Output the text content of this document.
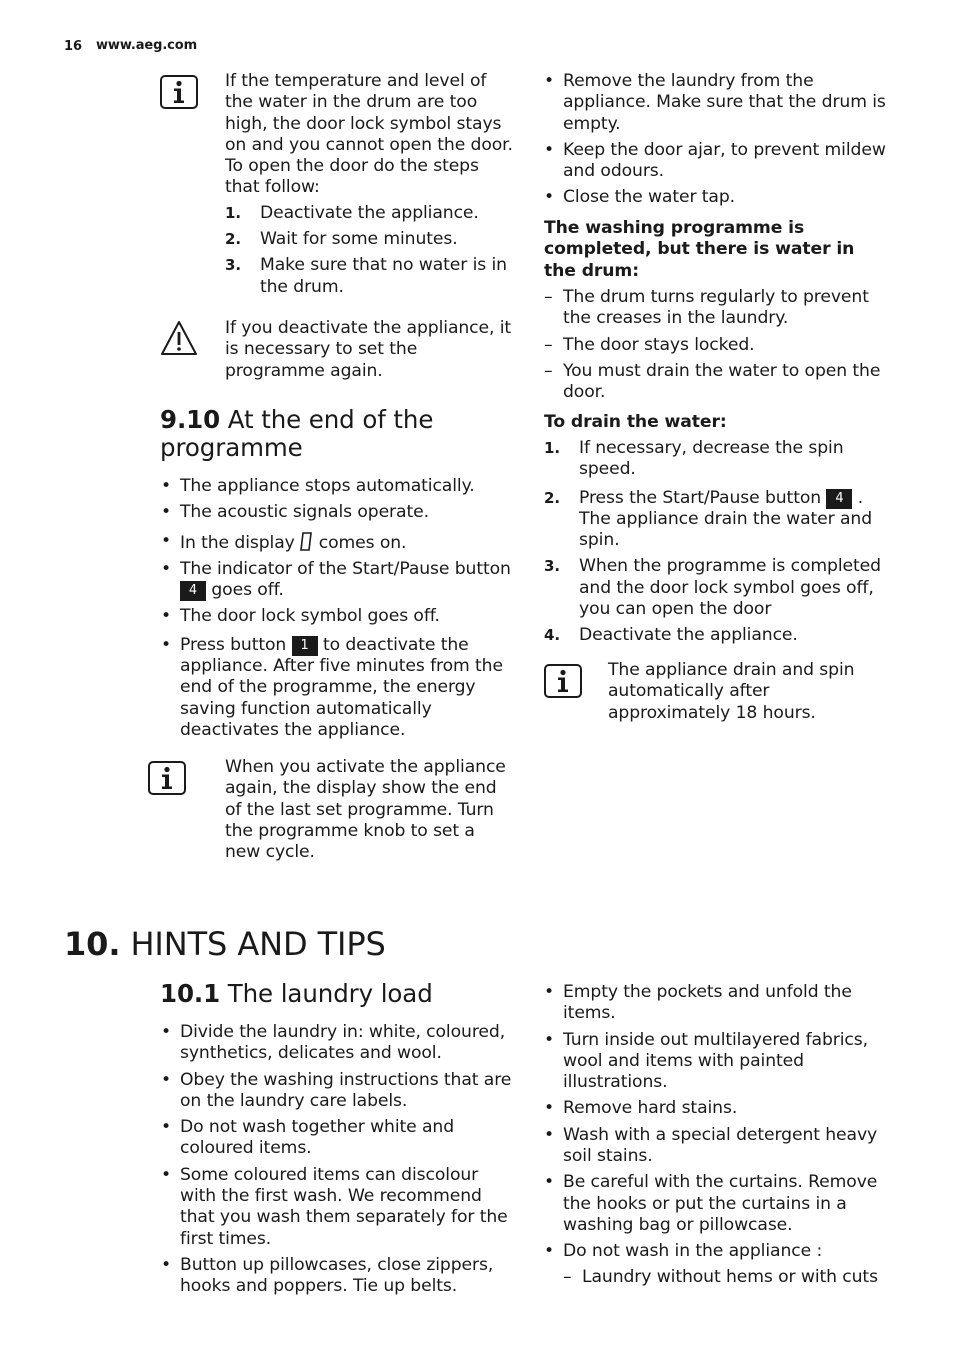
16 www.aeg.com

If the temperature and level of the water in the drum are too high, the door lock symbol stays on and you cannot open the door. To open the door do the steps that follow:

1. Deactivate the appliance.
2. Wait for some minutes.
3. Make sure that no water is in the drum.

If you deactivate the appliance, it is necessary to set the programme again.

9.10 At the end of the programme
• The appliance stops automatically.
• The acoustic signals operate.
• In the display comes on.
• The indicator of the Start/Pause button 4 goes off.
• The door lock symbol goes off.
• Press button 1 to deactivate the appliance. After five minutes from the end of the programme, the energy saving function automatically deactivates the appliance.

When you activate the appliance again, the display show the end of the last set programme. Turn the programme knob to set a new cycle.

• Remove the laundry from the appliance. Make sure that the drum is empty.
• Keep the door ajar, to prevent mildew and odours.
• Close the water tap.

The washing programme is completed, but there is water in the drum:

– The drum turns regularly to prevent the creases in the laundry.
– The door stays locked.
– You must drain the water to open the door.

To drain the water:

1. If necessary, decrease the spin speed.
2. Press the Start/Pause button 4 . The appliance drain the water and spin.
3. When the programme is completed and the door lock symbol goes off, you can open the door
4. Deactivate the appliance.

The appliance drain and spin automatically after approximately 18 hours.

10. HINTS AND TIPS
10.1 The laundry load
• Divide the laundry in: white, coloured, synthetics, delicates and wool.
• Obey the washing instructions that are on the laundry care labels.
• Do not wash together white and coloured items.
• Some coloured items can discolour with the first wash. We recommend that you wash them separately for the first times.
• Button up pillowcases, close zippers, hooks and poppers. Tie up belts.
• Empty the pockets and unfold the items.
• Turn inside out multilayered fabrics, wool and items with painted illustrations.
• Remove hard stains.
• Wash with a special detergent heavy soil stains.
• Be careful with the curtains. Remove the hooks or put the curtains in a washing bag or pillowcase.
• Do not wash in the appliance :
– Laundry without hems or with cuts
